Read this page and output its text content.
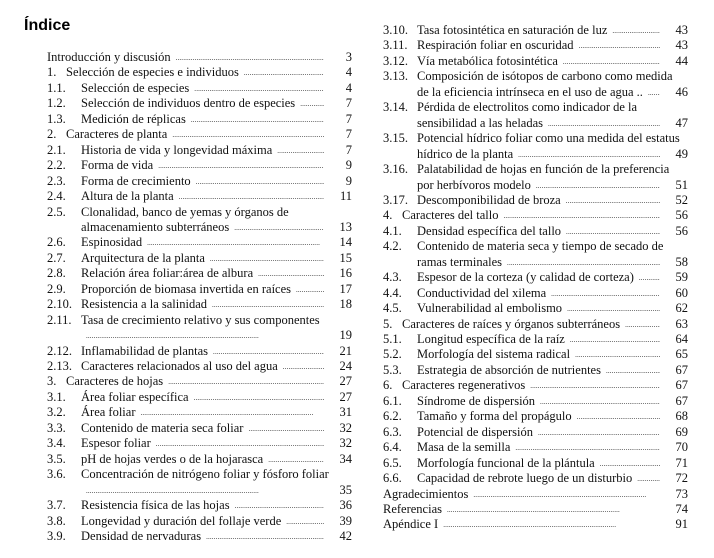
Índice
Introducción y discusión	3
. . .
1. Selección de especies e individuos	4
. . .
1.1. Selección de especies	4
. . .
1.2. Selección de individuos dentro de especies	7
. . .
1.3. Medición de réplicas	7
. . .
2. Caracteres de planta	7
. . .
2.1. Historia de vida y longevidad máxima	7
. . .
2.2. Forma de vida	9
. . .
2.3. Forma de crecimiento	9
. . .
2.4. Altura de la planta	11
. . .
2.5. Clonalidad, banco de yemas y órganos de
almacenamiento subterráneos	13
. . .
2.6. Espinosidad	14
. . .
2.7. Arquitectura de la planta	15
. . .
2.8. Relación área foliar:área de albura	16
. . .
2.9. Proporción de biomasa invertida en raíces	17
. . .
2.10. Resistencia a la salinidad	18
. . .
2.11. Tasa de crecimiento relativo y sus componentes
19
. . .
2.12. Inflamabilidad de plantas	21
. . .
2.13. Caracteres relacionados al uso del agua	24
. . .
3. Caracteres de hojas	27
. . .
3.1. Área foliar específica	27
. . .
3.2. Área foliar	31
. . .
3.3. Contenido de materia seca foliar	32
. . .
3.4. Espesor foliar	32
. . .
3.5. pH de hojas verdes o de la hojarasca	34
. . .
3.6. Concentración de nitrógeno foliar y fósforo foliar
35
. . .
3.7. Resistencia física de las hojas	36
. . .
3.8. Longevidad y duración del follaje verde	39
. . .
3.9. Densidad de nervaduras	42
. . .
3.10. Tasa fotosintética en saturación de luz	43
. . .
3.11. Respiración foliar en oscuridad	43
. . .
3.12. Vía metabólica fotosintética	44
. . .
3.13. Composición de isótopos de carbono como medida
de la eficiencia intrínseca en el uso de agua ..	46
. . .
3.14. Pérdida de electrolitos como indicador de la
sensibilidad a las heladas	47
. . .
3.15. Potencial hídrico foliar como una medida del estatus
hídrico de la planta	49
. . .
3.16. Palatabilidad de hojas en función de la preferencia
por herbívoros modelo	51
. . .
3.17. Descomponibilidad de broza	52
. . .
4. Caracteres del tallo	56
. . .
4.1. Densidad específica del tallo	56
. . .
4.2. Contenido de materia seca y tiempo de secado de
ramas terminales	58
. . .
4.3. Espesor de la corteza (y calidad de corteza)	59
. . .
4.4. Conductividad del xilema	60
. . .
4.5. Vulnerabilidad al embolismo	62
. . .
5. Caracteres de raíces y órganos subterráneos	63
. . .
5.1. Longitud específica de la raíz	64
. . .
5.2. Morfología del sistema radical	65
. . .
5.3. Estrategia de absorción de nutrientes	67
. . .
6. Caracteres regenerativos	67
. . .
6.1. Síndrome de dispersión	67
. . .
6.2. Tamaño y forma del propágulo	68
. . .
6.3. Potencial de dispersión	69
. . .
6.4. Masa de la semilla	70
. . .
6.5. Morfología funcional de la plántula	71
. . .
6.6. Capacidad de rebrote luego de un disturbio	72
. . .
Agradecimientos	73
. . .
Referencias	74
. . .
Apéndice I	91
. . .
